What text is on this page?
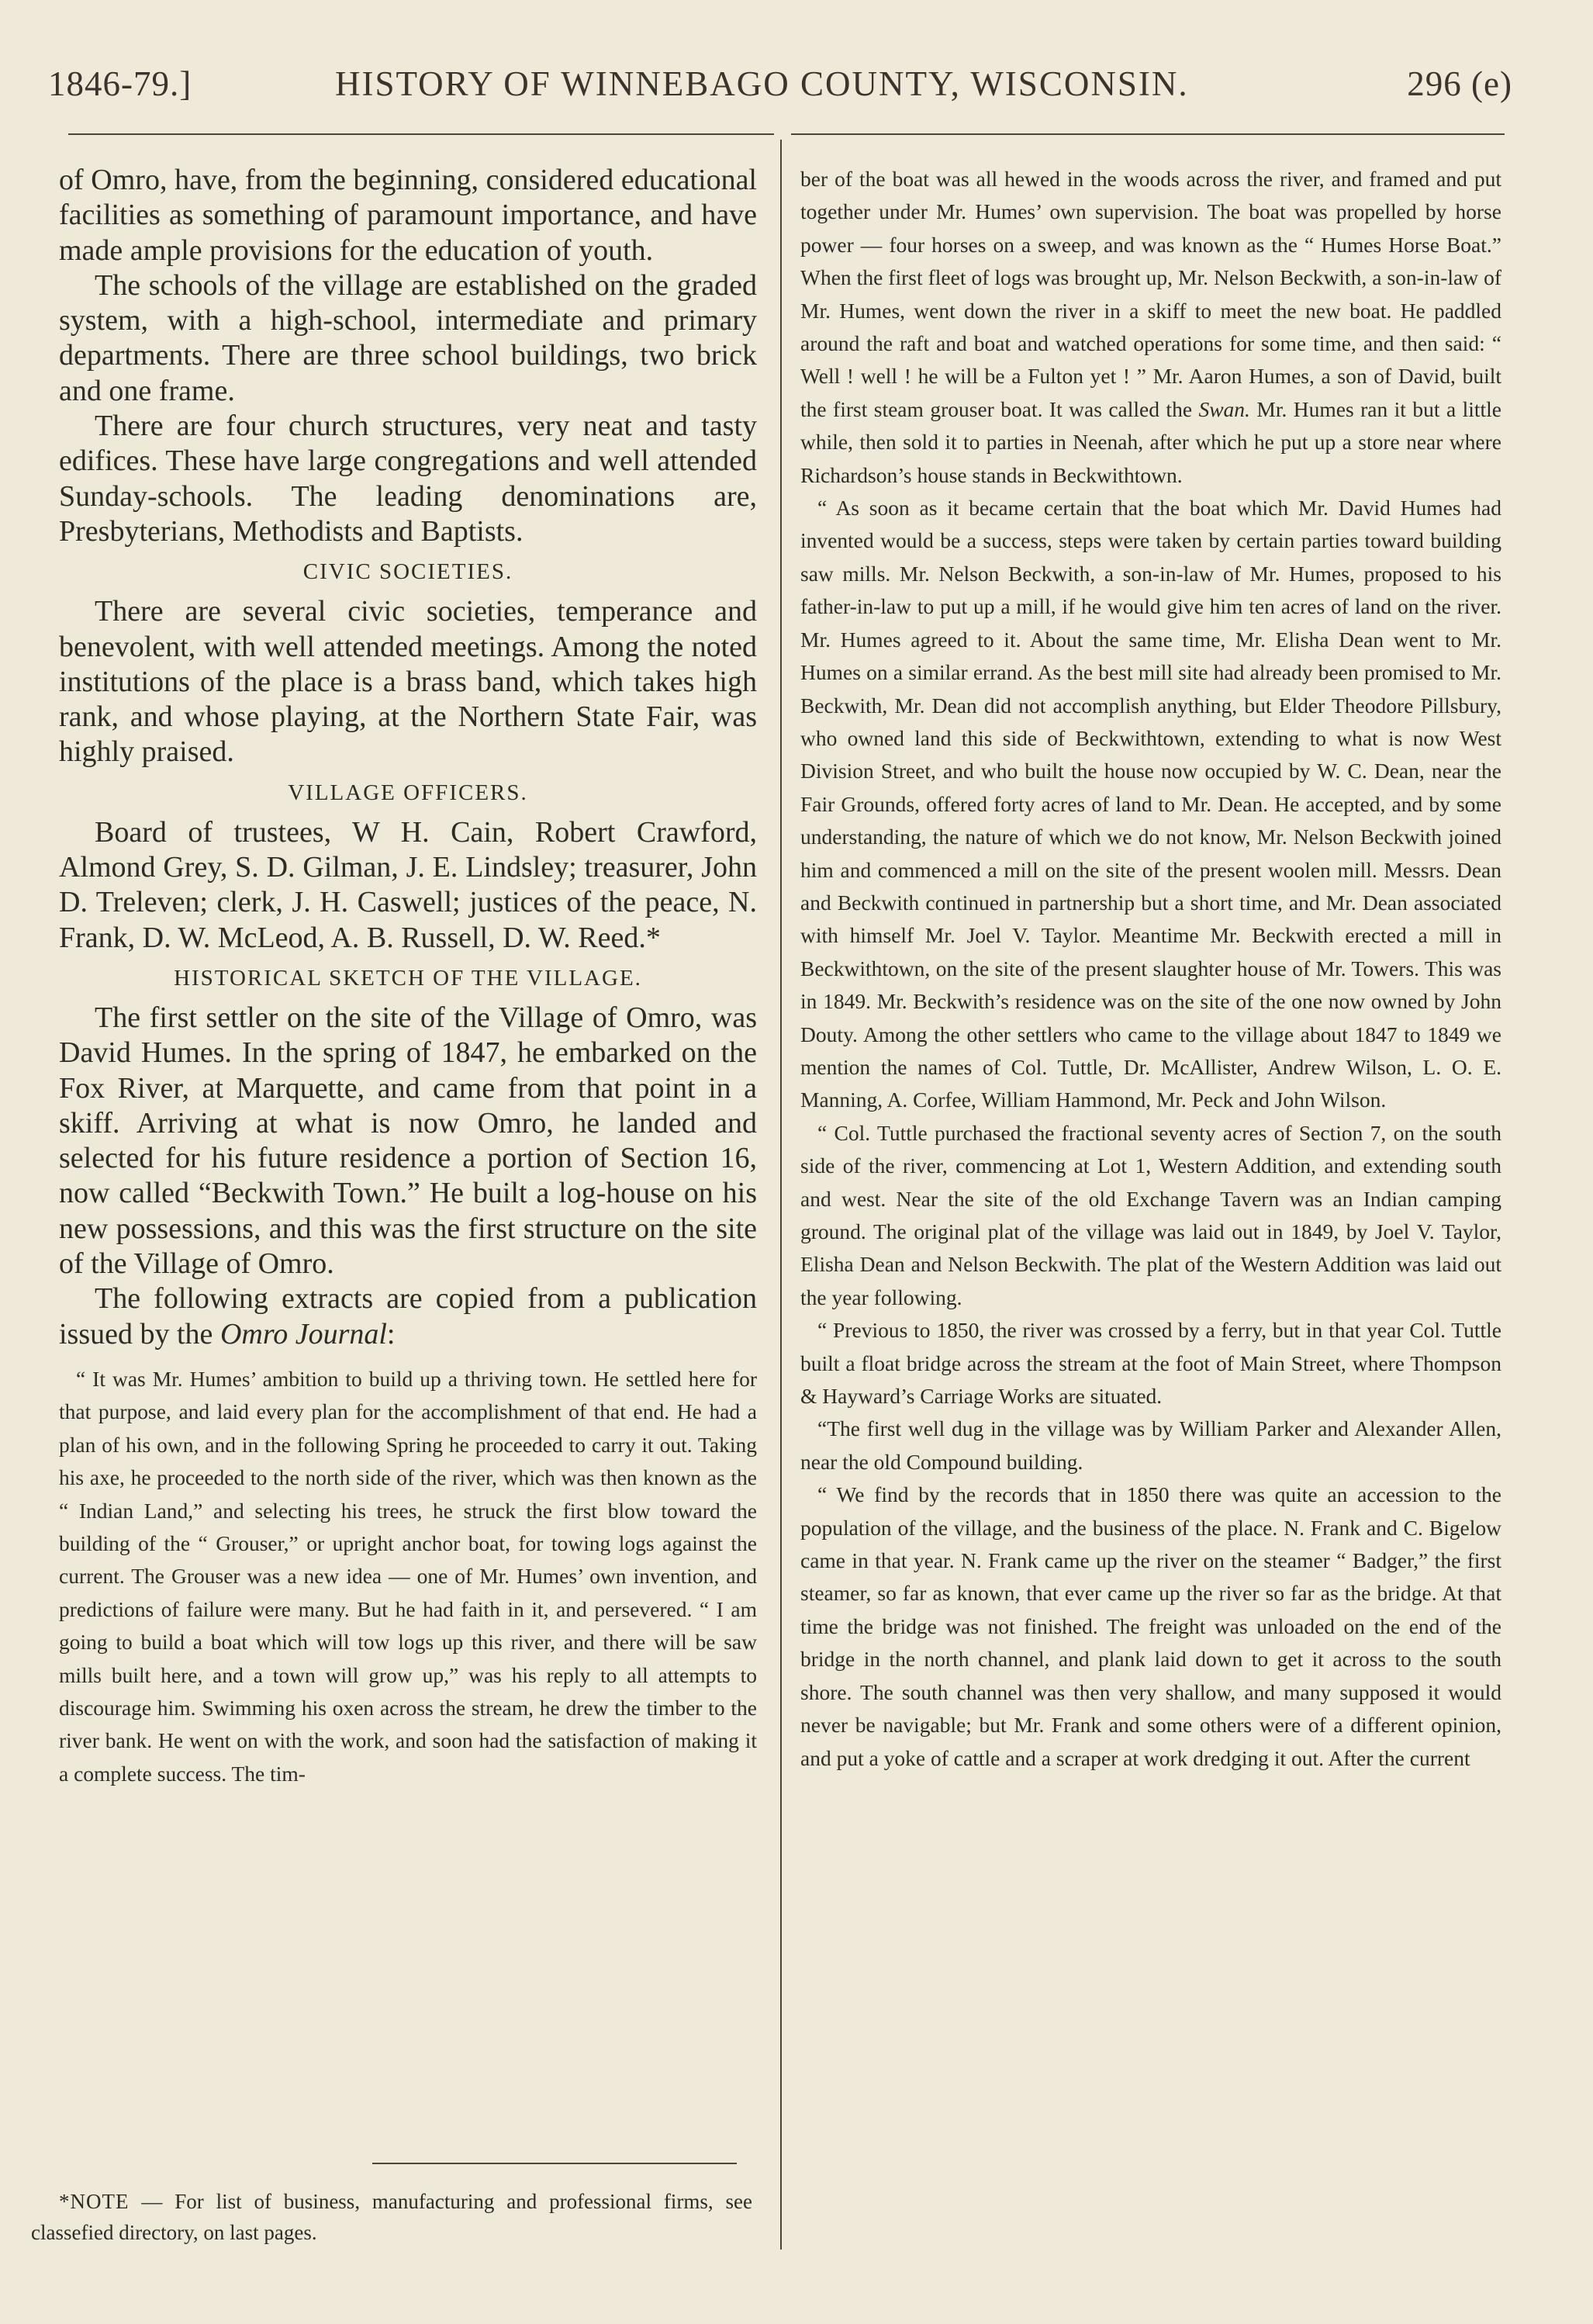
1846-79.]	HISTORY OF WINNEBAGO COUNTY, WISCONSIN.	296 (e)

of Omro, have, from the beginning, considered educational facilities as something of paramount importance, and have made ample provisions for the education of youth.

The schools of the village are established on the graded system, with a high-school, intermediate and primary departments. There are three school buildings, two brick and one frame.

There are four church structures, very neat and tasty edifices. These have large congregations and well attended Sunday-schools. The leading denominations are, Presbyterians, Methodists and Baptists.

CIVIC SOCIETIES.

There are several civic societies, temperance and benevolent, with well attended meetings. Among the noted institutions of the place is a brass band, which takes high rank, and whose playing, at the Northern State Fair, was highly praised.

VILLAGE OFFICERS.

Board of trustees, W H. Cain, Robert Crawford, Almond Grey, S. D. Gilman, J. E. Lindsley; treasurer, John D. Treleven; clerk, J. H. Caswell; justices of the peace, N. Frank, D. W. McLeod, A. B. Russell, D. W. Reed.*

HISTORICAL SKETCH OF THE VILLAGE.

The first settler on the site of the Village of Omro, was David Humes. In the spring of 1847, he embarked on the Fox River, at Marquette, and came from that point in a skiff. Arriving at what is now Omro, he landed and selected for his future residence a portion of Section 16, now called “Beckwith Town.” He built a log-house on his new possessions, and this was the first structure on the site of the Village of Omro.

The following extracts are copied from a publication issued by the Omro Journal:

“ It was Mr. Humes’ ambition to build up a thriving town. He settled here for that purpose, and laid every plan for the accomplishment of that end. He had a plan of his own, and in the following Spring he proceeded to carry it out. Taking his axe, he proceeded to the north side of the river, which was then known as the “ Indian Land,” and selecting his trees, he struck the first blow toward the building of the “ Grouser,” or upright anchor boat, for towing logs against the current. The Grouser was a new idea — one of Mr. Humes’ own invention, and predictions of failure were many. But he had faith in it, and persevered. “ I am going to build a boat which will tow logs up this river, and there will be saw mills built here, and a town will grow up,” was his reply to all attempts to discourage him. Swimming his oxen across the stream, he drew the timber to the river bank. He went on with the work, and soon had the satisfaction of making it a complete success. The tim-

*NOTE — For list of business, manufacturing and professional firms, see classefied directory, on last pages.

ber of the boat was all hewed in the woods across the river, and framed and put together under Mr. Humes’ own supervision. The boat was propelled by horse power — four horses on a sweep, and was known as the “ Humes Horse Boat.” When the first fleet of logs was brought up, Mr. Nelson Beckwith, a son-in-law of Mr. Humes, went down the river in a skiff to meet the new boat. He paddled around the raft and boat and watched operations for some time, and then said: “ Well ! well ! he will be a Fulton yet ! ” Mr. Aaron Humes, a son of David, built the first steam grouser boat. It was called the Swan. Mr. Humes ran it but a little while, then sold it to parties in Neenah, after which he put up a store near where Richardson’s house stands in Beckwithtown.

“ As soon as it became certain that the boat which Mr. David Humes had invented would be a success, steps were taken by certain parties toward building saw mills. Mr. Nelson Beckwith, a son-in-law of Mr. Humes, proposed to his father-in-law to put up a mill, if he would give him ten acres of land on the river. Mr. Humes agreed to it. About the same time, Mr. Elisha Dean went to Mr. Humes on a similar errand. As the best mill site had already been promised to Mr. Beckwith, Mr. Dean did not accomplish anything, but Elder Theodore Pillsbury, who owned land this side of Beckwithtown, extending to what is now West Division Street, and who built the house now occupied by W. C. Dean, near the Fair Grounds, offered forty acres of land to Mr. Dean. He accepted, and by some understanding, the nature of which we do not know, Mr. Nelson Beckwith joined him and commenced a mill on the site of the present woolen mill. Messrs. Dean and Beckwith continued in partnership but a short time, and Mr. Dean associated with himself Mr. Joel V. Taylor. Meantime Mr. Beckwith erected a mill in Beckwithtown, on the site of the present slaughter house of Mr. Towers. This was in 1849. Mr. Beckwith’s residence was on the site of the one now owned by John Douty. Among the other settlers who came to the village about 1847 to 1849 we mention the names of Col. Tuttle, Dr. McAllister, Andrew Wilson, L. O. E. Manning, A. Corfee, William Hammond, Mr. Peck and John Wilson.

“ Col. Tuttle purchased the fractional seventy acres of Section 7, on the south side of the river, commencing at Lot 1, Western Addition, and extending south and west. Near the site of the old Exchange Tavern was an Indian camping ground. The original plat of the village was laid out in 1849, by Joel V. Taylor, Elisha Dean and Nelson Beckwith. The plat of the Western Addition was laid out the year following.

“ Previous to 1850, the river was crossed by a ferry, but in that year Col. Tuttle built a float bridge across the stream at the foot of Main Street, where Thompson & Hayward’s Carriage Works are situated.

“The first well dug in the village was by William Parker and Alexander Allen, near the old Compound building.

“ We find by the records that in 1850 there was quite an accession to the population of the village, and the business of the place. N. Frank and C. Bigelow came in that year. N. Frank came up the river on the steamer “ Badger,” the first steamer, so far as known, that ever came up the river so far as the bridge. At that time the bridge was not finished. The freight was unloaded on the end of the bridge in the north channel, and plank laid down to get it across to the south shore. The south channel was then very shallow, and many supposed it would never be navigable; but Mr. Frank and some others were of a different opinion, and put a yoke of cattle and a scraper at work dredging it out. After the current
